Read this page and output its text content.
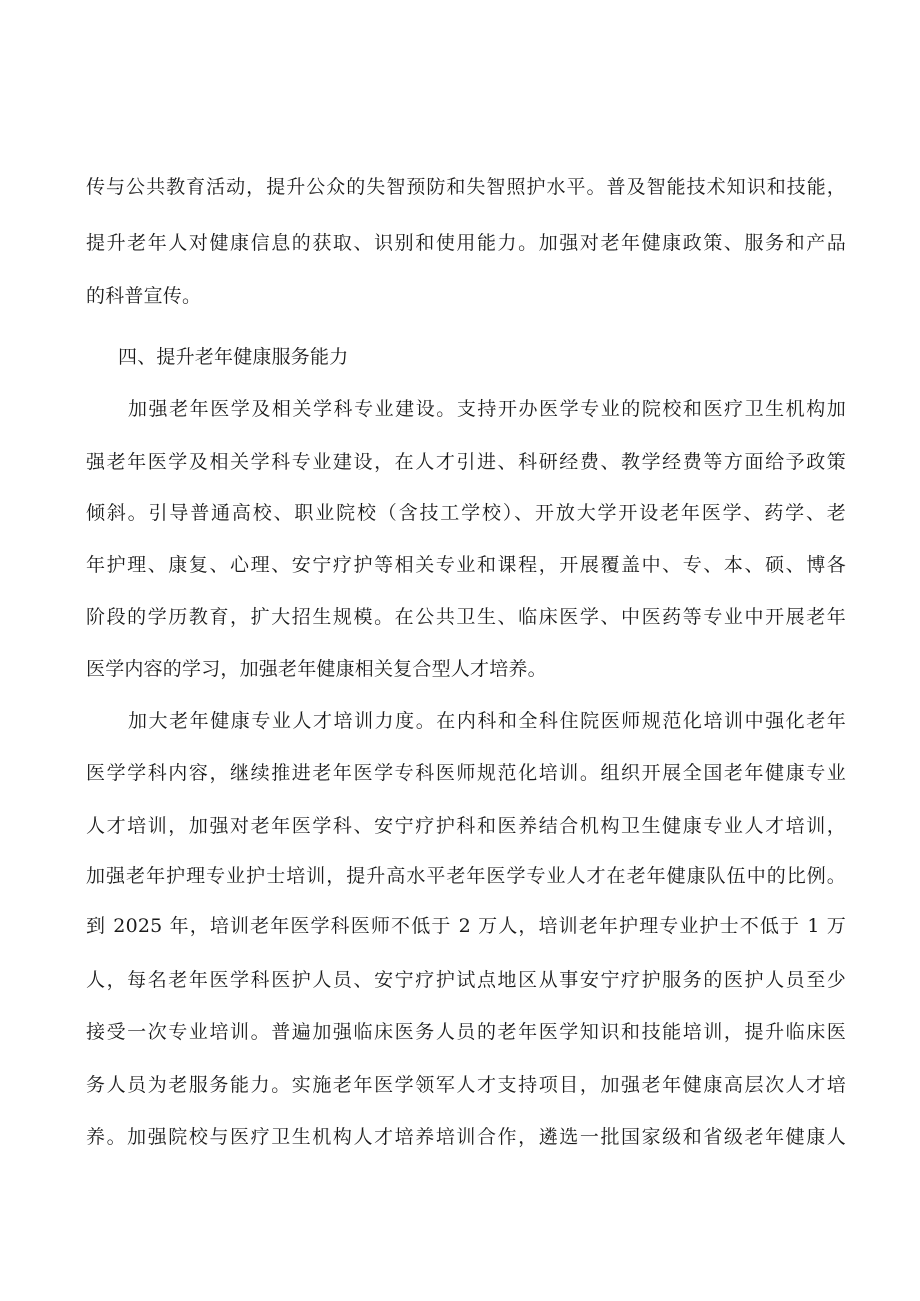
传与公共教育活动，提升公众的失智预防和失智照护水平。普及智能技术知识和技能，
提升老年人对健康信息的获取、识别和使用能力。加强对老年健康政策、服务和产品
的科普宣传。
四、提升老年健康服务能力
加强老年医学及相关学科专业建设。支持开办医学专业的院校和医疗卫生机构加
强老年医学及相关学科专业建设，在人才引进、科研经费、教学经费等方面给予政策
倾斜。引导普通高校、职业院校（含技工学校）、开放大学开设老年医学、药学、老
年护理、康复、心理、安宁疗护等相关专业和课程，开展覆盖中、专、本、硕、博各
阶段的学历教育，扩大招生规模。在公共卫生、临床医学、中医药等专业中开展老年
医学内容的学习，加强老年健康相关复合型人才培养。
加大老年健康专业人才培训力度。在内科和全科住院医师规范化培训中强化老年
医学学科内容，继续推进老年医学专科医师规范化培训。组织开展全国老年健康专业
人才培训，加强对老年医学科、安宁疗护科和医养结合机构卫生健康专业人才培训，
加强老年护理专业护士培训，提升高水平老年医学专业人才在老年健康队伍中的比例。
到 2025 年，培训老年医学科医师不低于 2 万人，培训老年护理专业护士不低于 1 万
人，每名老年医学科医护人员、安宁疗护试点地区从事安宁疗护服务的医护人员至少
接受一次专业培训。普遍加强临床医务人员的老年医学知识和技能培训，提升临床医
务人员为老服务能力。实施老年医学领军人才支持项目，加强老年健康高层次人才培
养。加强院校与医疗卫生机构人才培养培训合作，遴选一批国家级和省级老年健康人
